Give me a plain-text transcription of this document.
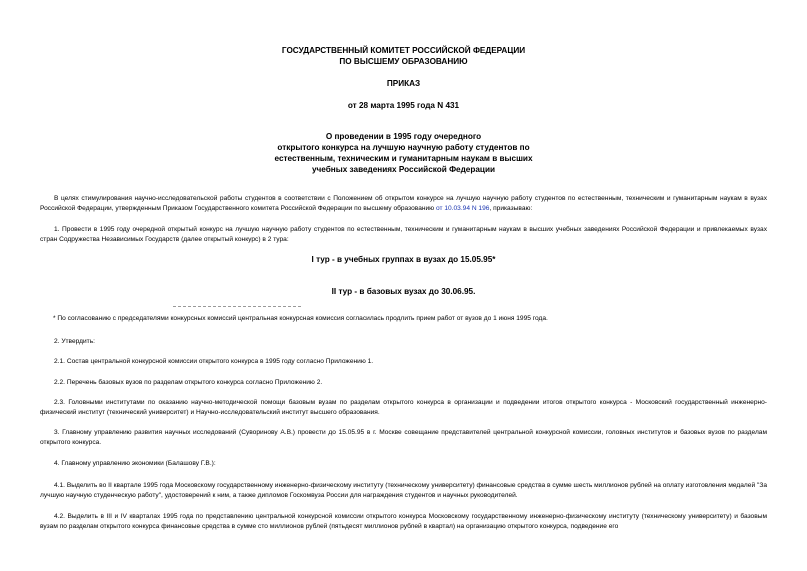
ГОСУДАРСТВЕННЫЙ КОМИТЕТ РОССИЙСКОЙ ФЕДЕРАЦИИ
ПО ВЫСШЕМУ ОБРАЗОВАНИЮ
ПРИКАЗ
от 28 марта 1995 года N 431
О проведении в 1995 году очередного
открытого конкурса на лучшую научную работу студентов по
естественным, техническим и гуманитарным наукам в высших
учебных заведениях Российской Федерации
В целях стимулирования научно-исследовательской работы студентов в соответствии с Положением об открытом конкурсе на лучшую научную работу студентов по естественным, техническим и гуманитарным наукам в вузах Российской Федерации, утвержденным Приказом Государственного комитета Российской Федерации по высшему образованию от 10.03.94 N 196, приказываю:
1. Провести в 1995 году очередной открытый конкурс на лучшую научную работу студентов по естественным, техническим и гуманитарным наукам в высших учебных заведениях Российской Федерации и привлекаемых вузах стран Содружества Независимых Государств (далее открытый конкурс) в 2 тура:
I тур - в учебных группах в вузах до 15.05.95*
II тур - в базовых вузах до 30.06.95.
* По согласованию с председателями конкурсных комиссий центральная конкурсная комиссия согласилась продлить прием работ от вузов до 1 июня 1995 года.
2. Утвердить:
2.1. Состав центральной конкурсной комиссии открытого конкурса в 1995 году согласно Приложению 1.
2.2. Перечень базовых вузов по разделам открытого конкурса согласно Приложению 2.
2.3. Головными институтами по оказанию научно-методической помощи базовым вузам по разделам открытого конкурса в организации и подведении итогов открытого конкурса - Московский государственный инженерно-физический институт (технический университет) и Научно-исследовательский институт высшего образования.
3. Главному управлению развития научных исследований (Суворинову А.В.) провести до 15.05.95 в г. Москве совещание представителей центральной конкурсной комиссии, головных институтов и базовых вузов по разделам открытого конкурса.
4. Главному управлению экономики (Балашову Г.В.):
4.1. Выделить во II квартале 1995 года Московскому государственному инженерно-физическому институту (техническому университету) финансовые средства в сумме шесть миллионов рублей на оплату изготовления медалей "За лучшую научную студенческую работу", удостоверений к ним, а также дипломов Госкомвуза России для награждения студентов и научных руководителей.
4.2. Выделить в III и IV кварталах 1995 года по представлению центральной конкурсной комиссии открытого конкурса Московскому государственному инженерно-физическому институту (техническому университету) и базовым вузам по разделам открытого конкурса финансовые средства в сумме сто миллионов рублей (пятьдесят миллионов рублей в квартал) на организацию открытого конкурса, подведение его
